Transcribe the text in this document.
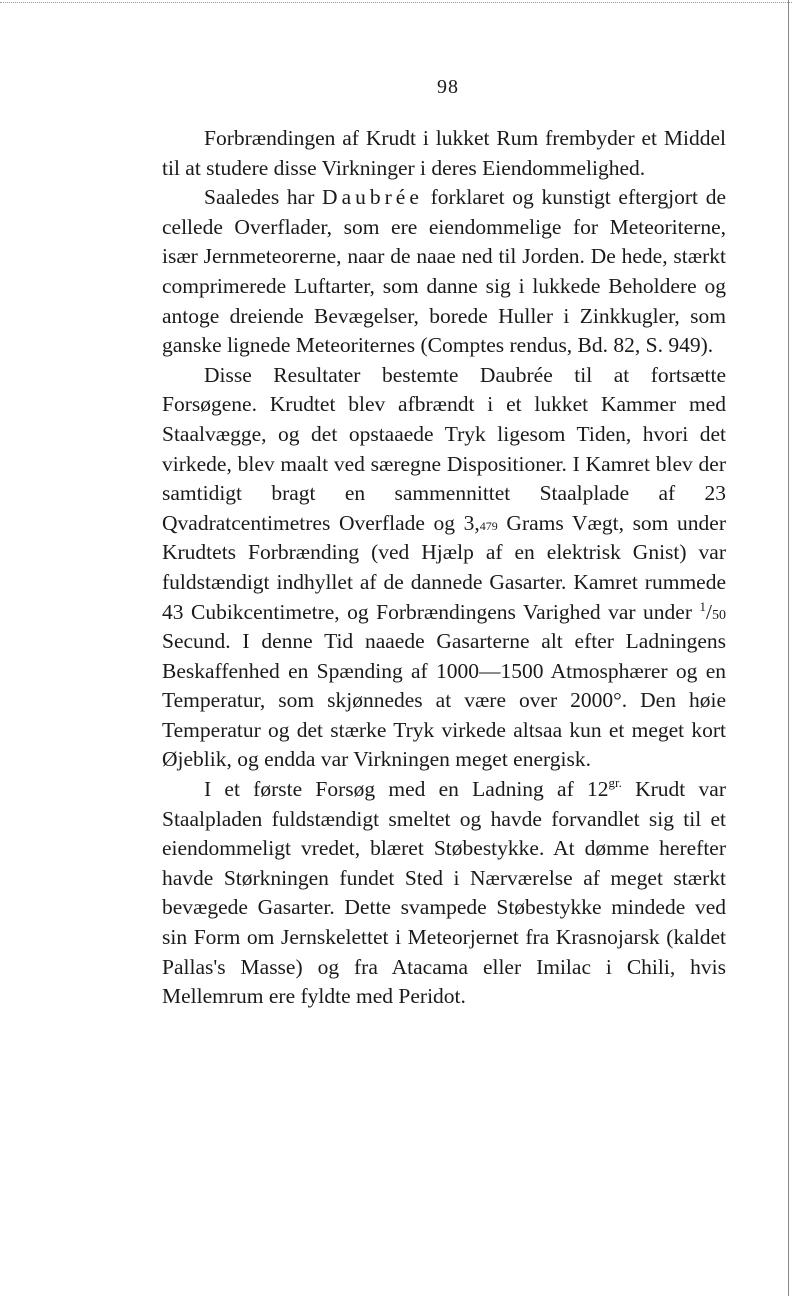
98

Forbrændingen af Krudt i lukket Rum frembyder et Middel til at studere disse Virkninger i deres Eiendommelighed.

Saaledes har Daubrée forklaret og kunstigt eftergjort de cellede Overflader, som ere eiendommelige for Meteoriterne, især Jernmeteorerne, naar de naae ned til Jorden. De hede, stærkt comprimerede Luftarter, som danne sig i lukkede Beholdere og antoge dreiende Bevægelser, borede Huller i Zinkkugler, som ganske lignede Meteoriternes (Comptes rendus, Bd. 82, S. 949).

Disse Resultater bestemte Daubrée til at fortsætte Forsøgene. Krudtet blev afbrændt i et lukket Kammer med Staalvægge, og det opstaaede Tryk ligesom Tiden, hvori det virkede, blev maalt ved særegne Dispositioner. I Kamret blev der samtidigt bragt en sammennittet Staalplade af 23 Qvadratcentimetres Overflade og 3,479 Grams Vægt, som under Krudtets Forbrænding (ved Hjælp af en elektrisk Gnist) var fuldstændigt indhyllet af de dannede Gasarter. Kamret rummede 43 Cubikcentimetre, og Forbrændingens Varighed var under $^1$/50 Secund. I denne Tid naaede Gasarterne alt efter Ladningens Beskaffenhed en Spænding af 1000—1500 Atmosphærer og en Temperatur, som skjønnedes at være over 2000°. Den høie Temperatur og det stærke Tryk virkede altsaa kun et meget kort Øjeblik, og endda var Virkningen meget energisk.

I et første Forsøg med en Ladning af $12^{gr.}$ Krudt var Staalpladen fuldstændigt smeltet og havde forvandlet sig til et eiendommeligt vredet, blæret Støbestykke. At dømme herefter havde Størkningen fundet Sted i Nærværelse af meget stærkt bevægede Gasarter. Dette svampede Støbestykke mindede ved sin Form om Jernskelettet i Meteorjernet fra Krasnojarsk (kaldet Pallas's Masse) og fra Atacama eller Imilac i Chili, hvis Mellemrum ere fyldte med Peridot.
